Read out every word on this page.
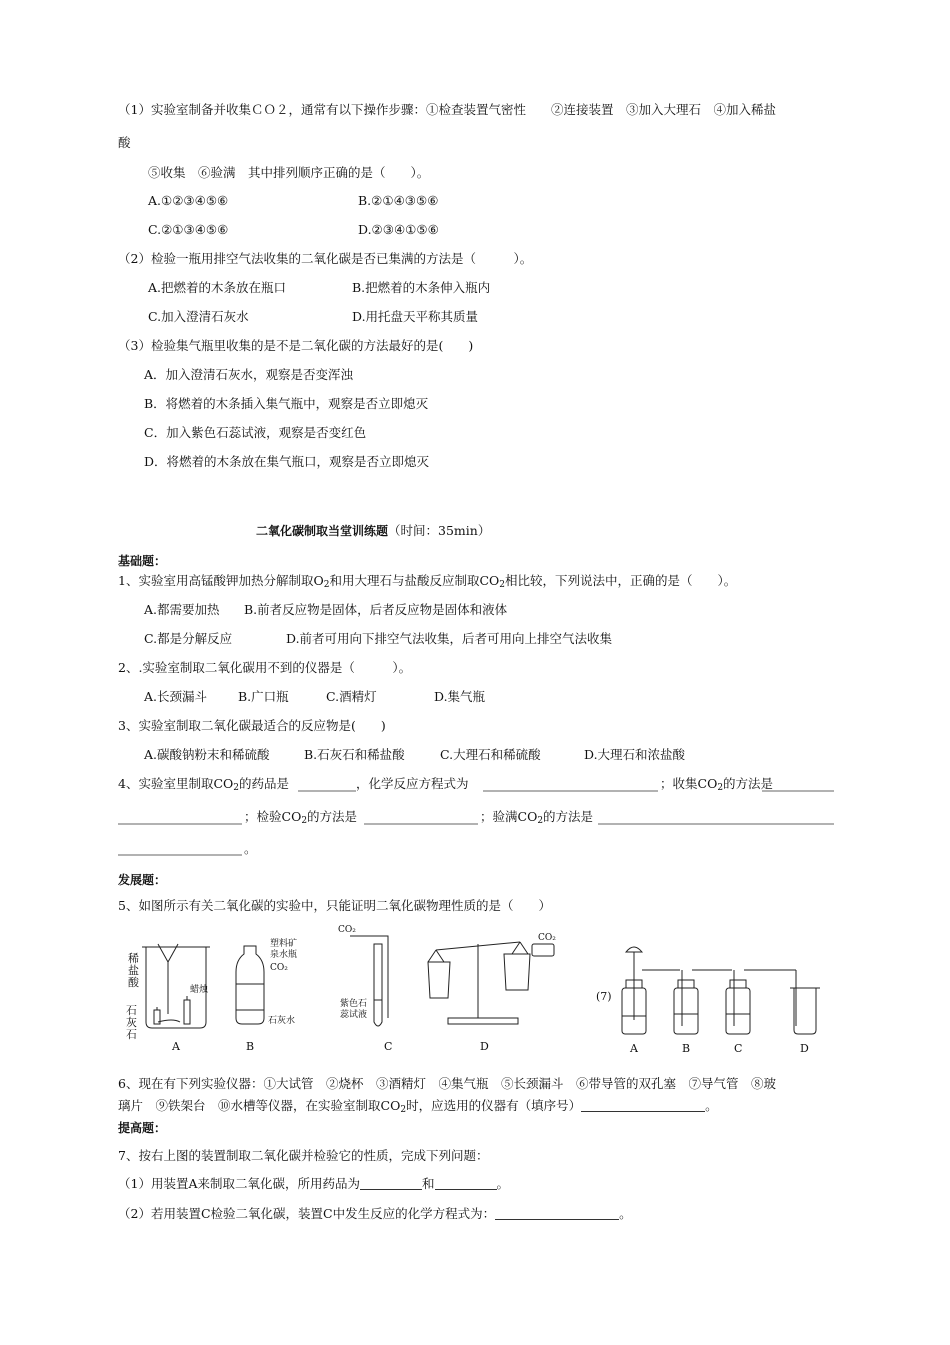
（1）实验室制备并收集ＣＯ２，通常有以下操作步骤：①检查装置气密性　　②连接装置　③加入大理石　④加入稀盐
酸
⑤收集　⑥验满　其中排列顺序正确的是（　　）。
A.①②③④⑤⑥	B.②①④③⑤⑥
C.②①③④⑤⑥	D.②③④①⑤⑥
（2）检验一瓶用排空气法收集的二氧化碳是否已集满的方法是（　　　）。
A.把燃着的木条放在瓶口	B.把燃着的木条伸入瓶内
C.加入澄清石灰水	D.用托盘天平称其质量
（3）检验集气瓶里收集的是不是二氧化碳的方法最好的是(　　)
A．加入澄清石灰水，观察是否变浑浊
B．将燃着的木条插入集气瓶中，观察是否立即熄灭
C．加入紫色石蕊试液，观察是否变红色
D．将燃着的木条放在集气瓶口，观察是否立即熄灭
二氧化碳制取当堂训练题（时间：35min）
基础题：
1、实验室用高锰酸钾加热分解制取$O_2$和用大理石与盐酸反应制取$CO_2$相比较，下列说法中，正确的是（　　）。
A.都需要加热 B.前者反应物是固体，后者反应物是固体和液体
C.都是分解反应	D.前者可用向下排空气法收集，后者可用向上排空气法收集
2、.实验室制取二氧化碳用不到的仪器是（　　　）。
A.长颈漏斗 B.广口瓶	C.酒精灯	D.集气瓶
3、实验室制取二氧化碳最适合的反应物是(　　)
A.碳酸钠粉末和稀硫酸	B.石灰石和稀盐酸	C.大理石和稀硫酸	D.大理石和浓盐酸
4、实验室里制取$CO_2$的药品是	，化学反应方程式为	；收集$CO_2$的方法是
；检验$CO_2$的方法是	；验满$CO_2$的方法是
。
发展题：
5、如图所示有关二氧化碳的实验中，只能证明二氧化碳物理性质的是（　　）
稀
盐
酸
蜡烛
石
灰
石
A
塑料矿
泉水瓶
CO₂
石灰水
B
CO₂
紫色石
蕊试液
C
CO₂
D
(7)
A	B	C	D
6、现在有下列实验仪器：①大试管　②烧杯　③酒精灯　④集气瓶　⑤长颈漏斗　⑥带导管的双孔塞　⑦导气管　⑧玻
璃片　⑨铁架台　⑩水槽等仪器，在实验室制取$CO_2$时，应选用的仪器有（填序号）	。
提高题：
7、按右上图的装置制取二氧化碳并检验它的性质，完成下列问题：
（1）用装置A来制取二氧化碳，所用药品为	和	。
（2）若用装置C检验二氧化碳，装置C中发生反应的化学方程式为：	。
